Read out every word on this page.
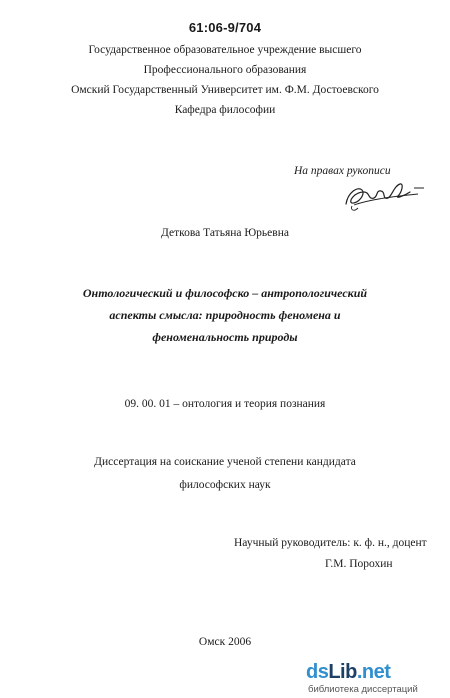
61:06-9/704
Государственное образовательное учреждение высшего
Профессионального образования
Омский Государственный Университет им. Ф.М. Достоевского
Кафедра философии
На правах рукописи
Деткова Татьяна Юрьевна
Онтологический и философско – антропологический
аспекты смысла: природность феномена и
феноменальность природы
09. 00. 01 – онтология и теория познания
Диссертация на соискание ученой степени кандидата
философских наук
Научный руководитель: к. ф. н., доцент
Г.М. Порохин
Омск 2006
dsLib.net
библиотека диссертаций
